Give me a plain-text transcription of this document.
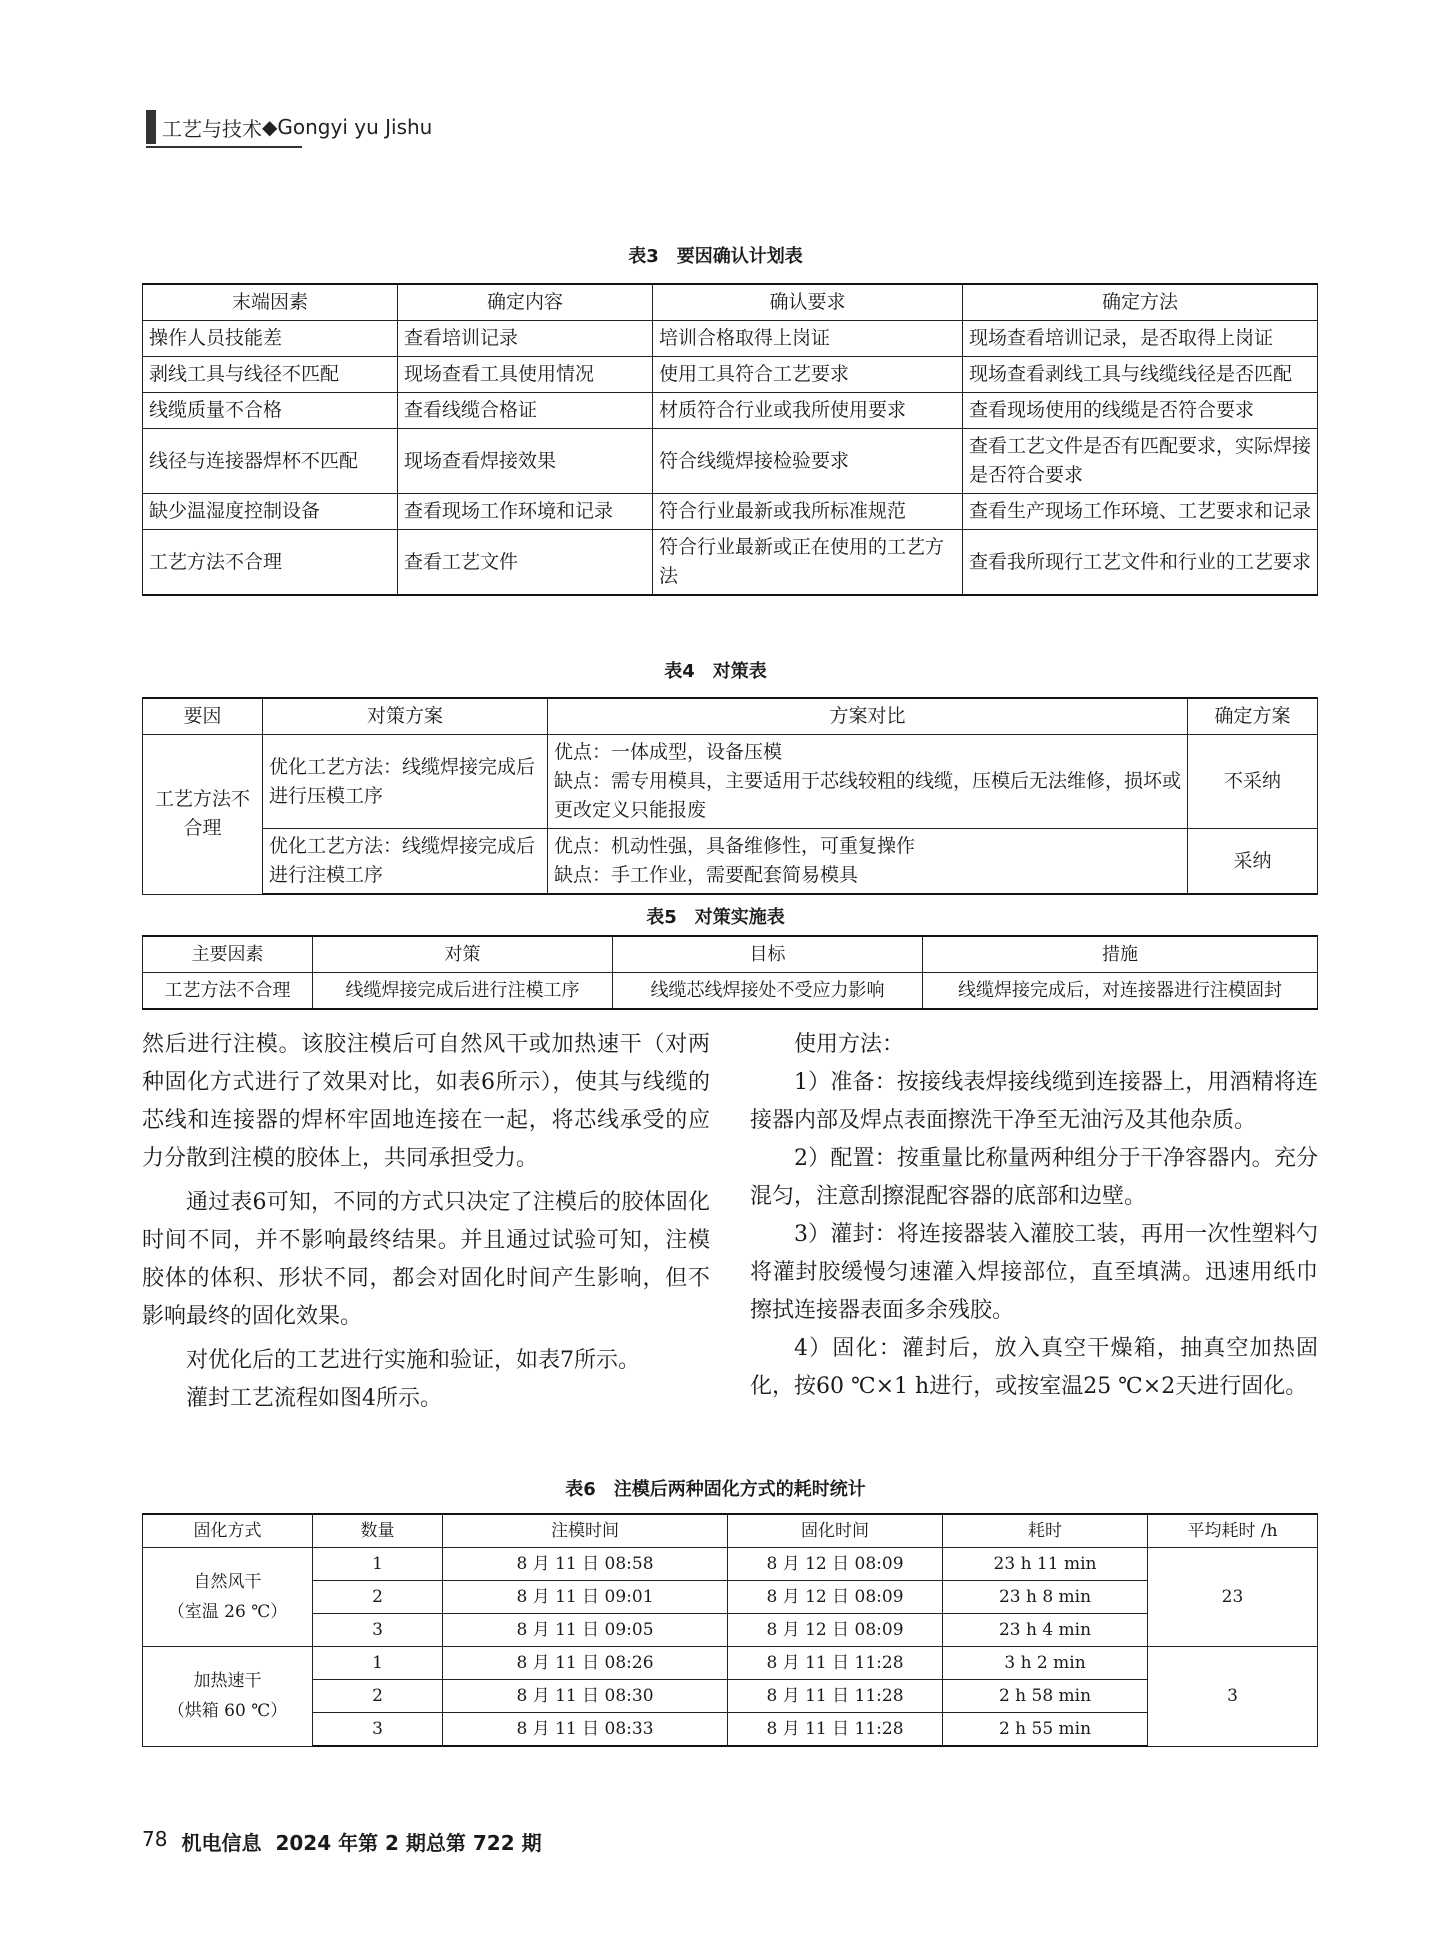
工艺与技术 ◆ Gongyi yu Jishu
表3　要因确认计划表
末端因素	确定内容	确认要求	确定方法
操作人员技能差	查看培训记录	培训合格取得上岗证	现场查看培训记录，是否取得上岗证
剥线工具与线径不匹配	现场查看工具使用情况	使用工具符合工艺要求	现场查看剥线工具与线缆线径是否匹配
线缆质量不合格	查看线缆合格证	材质符合行业或我所使用要求	查看现场使用的线缆是否符合要求
线径与连接器焊杯不匹配	现场查看焊接效果	符合线缆焊接检验要求	查看工艺文件是否有匹配要求，实际焊接是否符合要求
缺少温湿度控制设备	查看现场工作环境和记录	符合行业最新或我所标准规范	查看生产现场工作环境、工艺要求和记录
工艺方法不合理	查看工艺文件	符合行业最新或正在使用的工艺方法	查看我所现行工艺文件和行业的工艺要求
表4　对策表
要因	对策方案	方案对比	确定方案
工艺方法不合理	优化工艺方法：线缆焊接完成后进行压模工序	优点：一体成型，设备压模
缺点：需专用模具，主要适用于芯线较粗的线缆，压模后无法维修，损坏或更改定义只能报废	不采纳
	优化工艺方法：线缆焊接完成后进行注模工序	优点：机动性强，具备维修性，可重复操作
缺点：手工作业，需要配套简易模具	采纳
表5　对策实施表
主要因素	对策	目标	措施
工艺方法不合理	线缆焊接完成后进行注模工序	线缆芯线焊接处不受应力影响	线缆焊接完成后，对连接器进行注模固封

然后进行注模。该胶注模后可自然风干或加热速干（对两种固化方式进行了效果对比，如表6所示），使其与线缆的芯线和连接器的焊杯牢固地连接在一起，将芯线承受的应力分散到注模的胶体上，共同承担受力。

通过表6可知，不同的方式只决定了注模后的胶体固化时间不同，并不影响最终结果。并且通过试验可知，注模胶体的体积、形状不同，都会对固化时间产生影响，但不影响最终的固化效果。

对优化后的工艺进行实施和验证，如表7所示。

灌封工艺流程如图4所示。

使用方法：

1）准备：按接线表焊接线缆到连接器上，用酒精将连接器内部及焊点表面擦洗干净至无油污及其他杂质。

2）配置：按重量比称量两种组分于干净容器内。充分混匀，注意刮擦混配容器的底部和边壁。

3）灌封：将连接器装入灌胶工装，再用一次性塑料勺将灌封胶缓慢匀速灌入焊接部位，直至填满。迅速用纸巾擦拭连接器表面多余残胶。

4）固化：灌封后，放入真空干燥箱，抽真空加热固化，按60 ℃×1 h进行，或按室温25 ℃×2天进行固化。

表6　注模后两种固化方式的耗时统计
固化方式	数量	注模时间	固化时间	耗时	平均耗时 /h

自然风干
（室温 26 ℃）	1	8 月 11 日 08:58	8 月 12 日 08:09	23 h 11 min	23
	2	8 月 11 日 09:01	8 月 12 日 08:09	23 h 8 min	
	3	8 月 11 日 09:05	8 月 12 日 08:09	23 h 4 min	

加热速干
（烘箱 60 ℃）	1	8 月 11 日 08:26	8 月 11 日 11:28	3 h 2 min	3
	2	8 月 11 日 08:30	8 月 11 日 11:28	2 h 58 min	
	3	8 月 11 日 08:33	8 月 11 日 11:28	2 h 55 min	
78 机电信息 2024 年第 2 期总第 722 期
